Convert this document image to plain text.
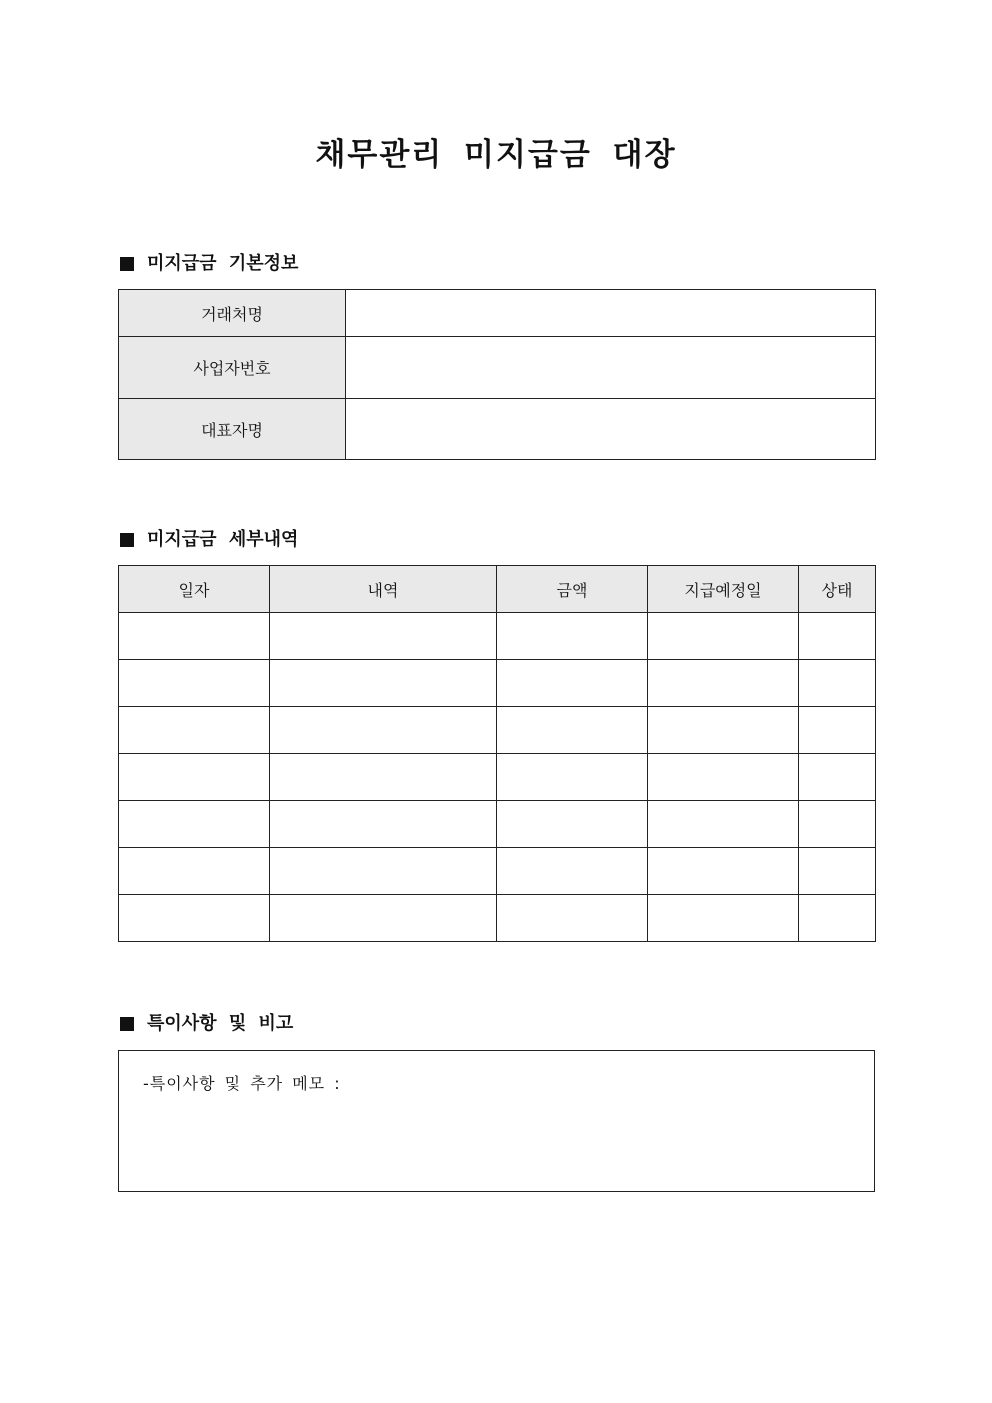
채무관리 미지급금 대장
미지급금 기본정보
거래처명	
사업자번호	
대표자명	
미지급금 세부내역
일자	내역	금액	지급예정일	상태

특이사항 및 비고
-특이사항 및 추가 메모 :
